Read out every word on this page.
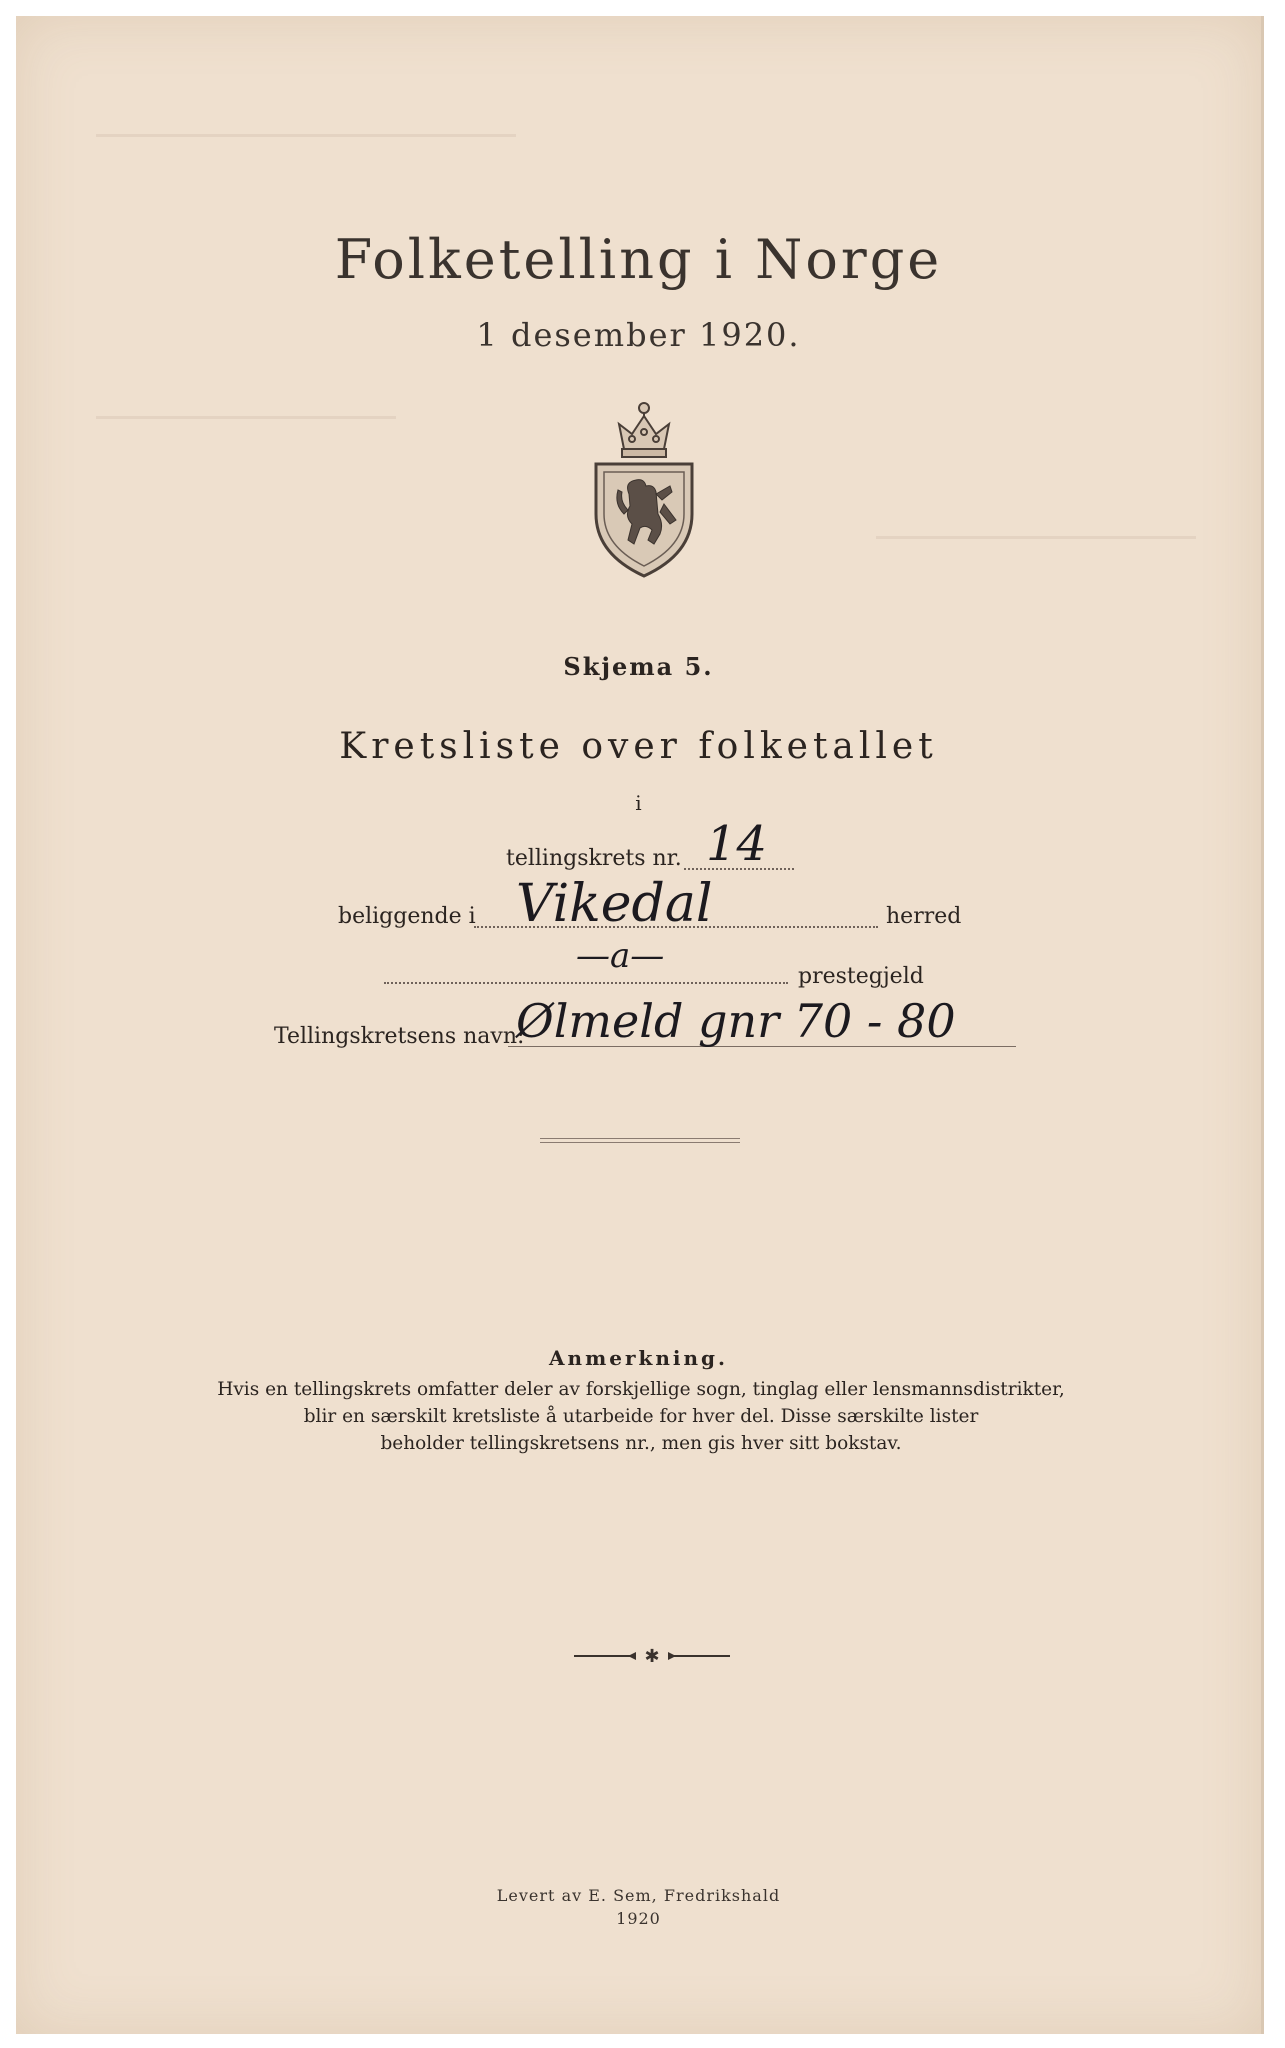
Folketelling i Norge
1 desember 1920.
Skjema 5.
Kretsliste over folketallet
i
tellingskrets nr. 14
beliggende i Vikedal	herred
—a—
prestegjeld
Tellingskretsens navn:
Ølmeld gnr 70 - 80
Anmerkning.
Hvis en tellingskrets omfatter deler av forskjellige sogn, tinglag eller lensmannsdistrikter,
blir en særskilt kretsliste å utarbeide for hver del. Disse særskilte lister
beholder tellingskretsens nr., men gis hver sitt bokstav.
✱
Levert av E. Sem, Fredrikshald
1920
